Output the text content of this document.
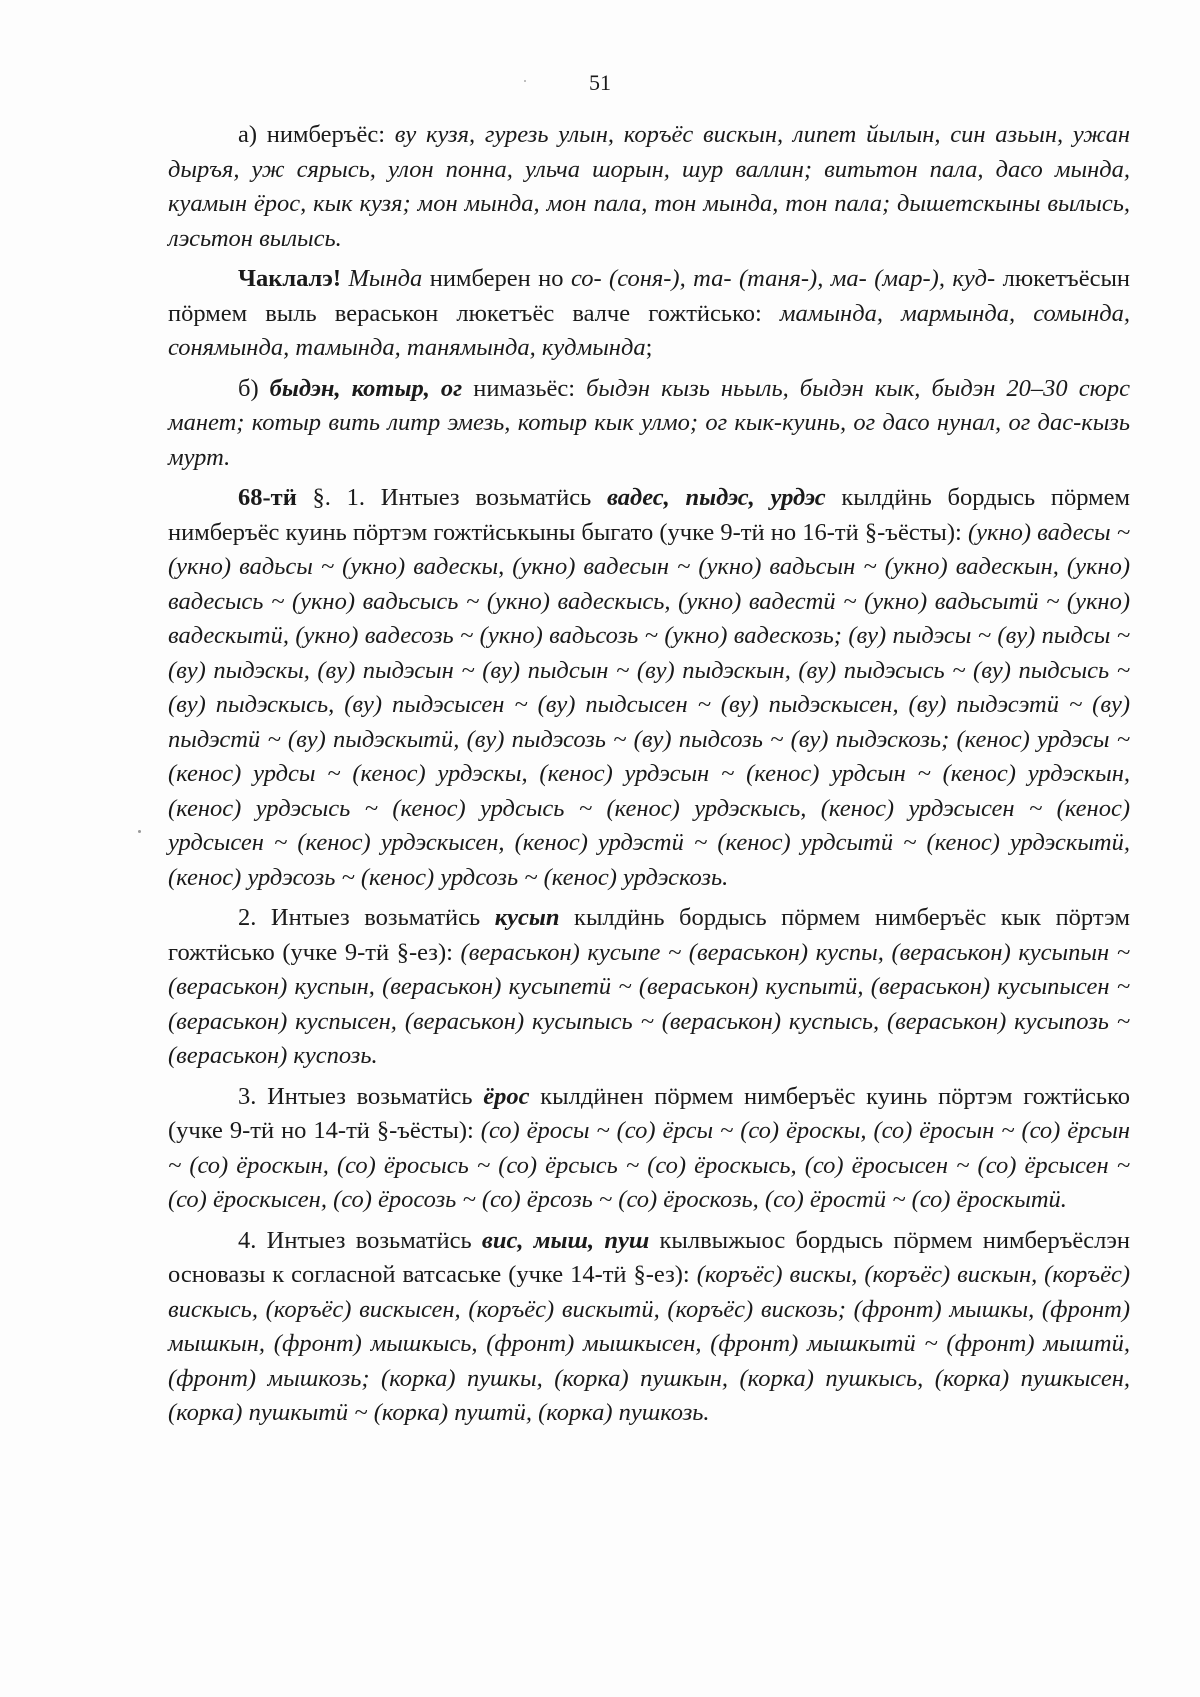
51

а) нимберъёс: ву кузя, гурезь улын, коръёс вискын, липет йылын, син азьын, ужан дыръя, уж сярысь, улон понна, ульча шорын, шур валлин; витьтон пала, дасо мында, куамын ёрос, кык кузя; мон мында, мон пала, тон мында, тон пала; дышетскыны вылысь, лэсьтон вылысь.

Чаклалэ! Мында нимберен но со- (соня-), та- (таня-), ма- (мар-), куд- люкетъёсын пӧрмем выль вераськон люкетъёс валче гожтӥсько: мамында, мармында, сомында, сонямында, тамында, танямында, кудмында;

б) быдэн, котыр, ог нимазьёс: быдэн кызь ньыль, быдэн кык, быдэн 20–30 сюрс манет; котыр вить литр эмезь, котыр кык улмо; ог кык-куинь, ог дасо нунал, ог дас-кызь мурт.

68-тӥ §. 1. Интыез возьматӥсь вадес, пыдэс, урдэс кылдӥнь бордысь пӧрмем нимберъёс куинь пӧртэм гожтӥськыны быгато (учке 9-тӥ но 16-тӥ §-ъёсты): (укно) вадесы ~ (укно) вадьсы ~ (укно) вадескы, (укно) вадесын ~ (укно) вадьсын ~ (укно) вадескын, (укно) вадесысь ~ (укно) вадьсысь ~ (укно) вадескысь, (укно) вадестӥ ~ (укно) вадьсытӥ ~ (укно) вадескытӥ, (укно) вадесозь ~ (укно) вадьсозь ~ (укно) вадескозь; (ву) пыдэсы ~ (ву) пыдсы ~ (ву) пыдэскы, (ву) пыдэсын ~ (ву) пыдсын ~ (ву) пыдэскын, (ву) пыдэсысь ~ (ву) пыдсысь ~ (ву) пыдэскысь, (ву) пыдэсысен ~ (ву) пыдсысен ~ (ву) пыдэскысен, (ву) пыдэсэтӥ ~ (ву) пыдэстӥ ~ (ву) пыдэскытӥ, (ву) пыдэсозь ~ (ву) пыдсозь ~ (ву) пыдэскозь; (кенос) урдэсы ~ (кенос) урдсы ~ (кенос) урдэскы, (кенос) урдэсын ~ (кенос) урдсын ~ (кенос) урдэскын, (кенос) урдэсысь ~ (кенос) урдсысь ~ (кенос) урдэскысь, (кенос) урдэсысен ~ (кенос) урдсысен ~ (кенос) урдэскысен, (кенос) урдэстӥ ~ (кенос) урдсытӥ ~ (кенос) урдэскытӥ, (кенос) урдэсозь ~ (кенос) урдсозь ~ (кенос) урдэскозь.

2. Интыез возьматӥсь кусып кылдӥнь бордысь пӧрмем нимберъёс кык пӧртэм гожтӥсько (учке 9-тӥ §-ез): (вераськон) кусыпе ~ (вераськон) куспы, (вераськон) кусыпын ~ (вераськон) куспын, (вераськон) кусыпетӥ ~ (вераськон) куспытӥ, (вераськон) кусыпысен ~ (вераськон) куспысен, (вераськон) кусыпысь ~ (вераськон) куспысь, (вераськон) кусыпозь ~ (вераськон) куспозь.

3. Интыез возьматӥсь ёрос кылдӥнен пӧрмем нимберъёс куинь пӧртэм гожтӥсько (учке 9-тӥ но 14-тӥ §-ъёсты): (со) ёросы ~ (со) ёрсы ~ (со) ёроскы, (со) ёросын ~ (со) ёрсын ~ (со) ёроскын, (со) ёросысь ~ (со) ёрсысь ~ (со) ёроскысь, (со) ёросысен ~ (со) ёрсысен ~ (со) ёроскысен, (со) ёросозь ~ (со) ёрсозь ~ (со) ёроскозь, (со) ёростӥ ~ (со) ёроскытӥ.

4. Интыез возьматӥсь вис, мыш, пуш кылвыжыос бордысь пӧрмем нимберъёслэн основазы к согласной ватсаське (учке 14-тӥ §-ез): (коръёс) вискы, (коръёс) вискын, (коръёс) вискысь, (коръёс) вискысен, (коръёс) вискытӥ, (коръёс) вискозь; (фронт) мышкы, (фронт) мышкын, (фронт) мышкысь, (фронт) мышкысен, (фронт) мышкытӥ ~ (фронт) мыштӥ, (фронт) мышкозь; (корка) пушкы, (корка) пушкын, (корка) пушкысь, (корка) пушкысен, (корка) пушкытӥ ~ (корка) пуштӥ, (корка) пушкозь.
